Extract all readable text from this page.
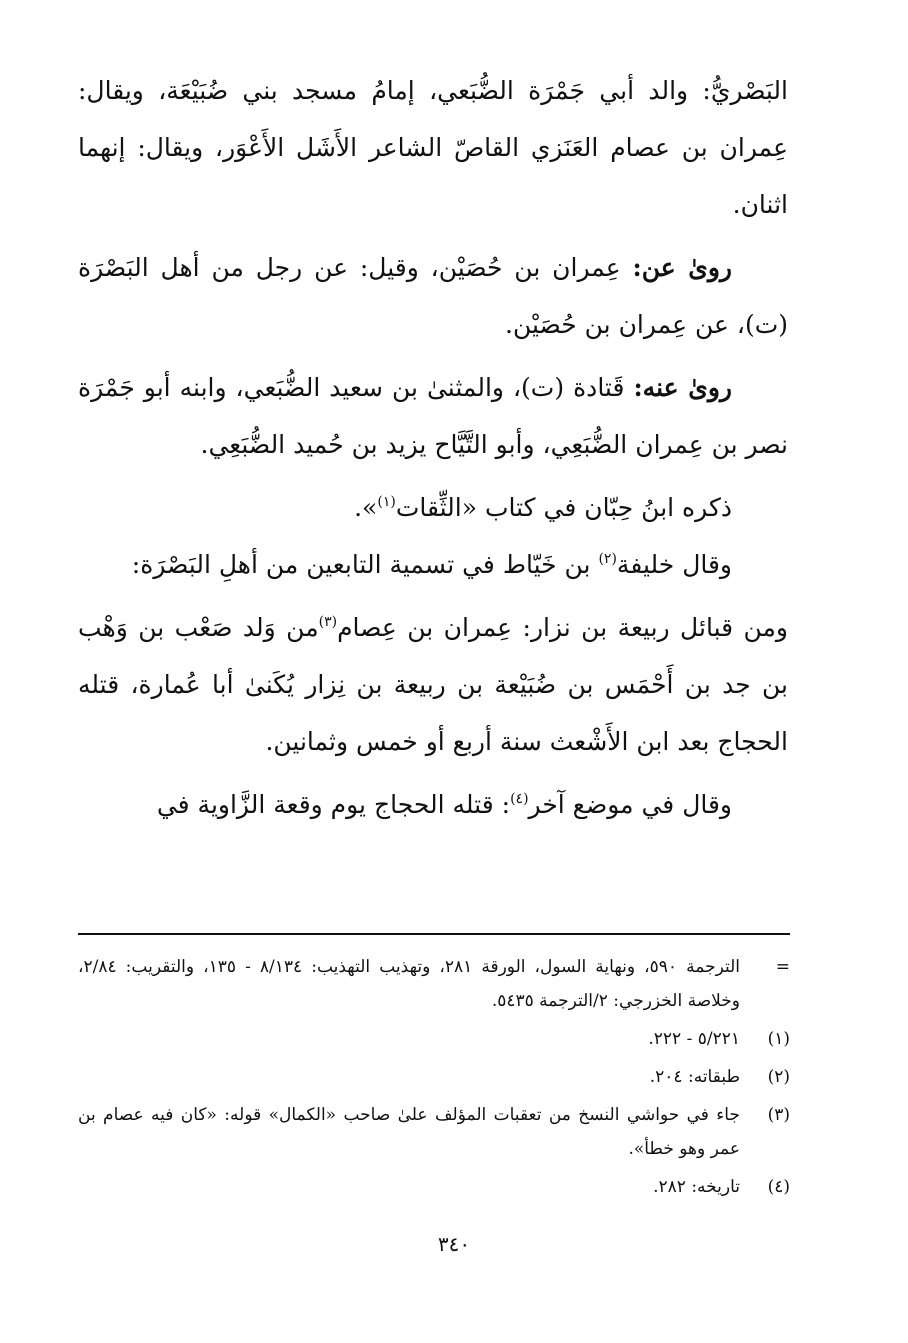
البَصْريُّ: والد أبي جَمْرَة الضُّبَعي، إمامُ مسجد بني ضُبَيْعَة، ويقال: عِمران بن عصام العَنَزي القاصّ الشاعر الأَشَل الأَعْوَر، ويقال: إنهما اثنان.

روىٰ عن: عِمران بن حُصَيْن، وقيل: عن رجل من أهل البَصْرَة (ت)، عن عِمران بن حُصَيْن.

روىٰ عنه: قَتادة (ت)، والمثنىٰ بن سعيد الضُّبَعي، وابنه أبو جَمْرَة نصر بن عِمران الضُّبَعِي، وأبو التَّيَّاح يزيد بن حُميد الضُّبَعِي.

ذكره ابنُ حِبّان في كتاب «الثِّقات$^{(١)}$».

وقال خليفة$^{(٢)}$ بن خَيّاط في تسمية التابعين من أهلِ البَصْرَة:

ومن قبائل ربيعة بن نزار: عِمران بن عِصام$^{(٣)}$من وَلد صَعْب بن وَهْب بن جد بن أَحْمَس بن ضُبَيْعة بن ربيعة بن نِزار يُكَنىٰ أبا عُمارة، قتله الحجاج بعد ابن الأَشْعث سنة أربع أو خمس وثمانين.

وقال في موضع آخر$^{(٤)}$: قتله الحجاج يوم وقعة الزَّاوية في

=
الترجمة ٥٩٠، ونهاية السول، الورقة ٢٨١، وتهذيب التهذيب: ٨/١٣٤ - ١٣٥، والتقريب: ٢/٨٤، وخلاصة الخزرجي: ٢/الترجمة ٥٤٣٥.
(١)
٥/٢٢١ - ٢٢٢.
(٢)
طبقاته: ٢٠٤.
(٣)
جاء في حواشي النسخ من تعقبات المؤلف علىٰ صاحب «الكمال» قوله: «كان فيه عصام بن عمر وهو خطأ».
(٤)
تاريخه: ٢٨٢.
٣٤٠
